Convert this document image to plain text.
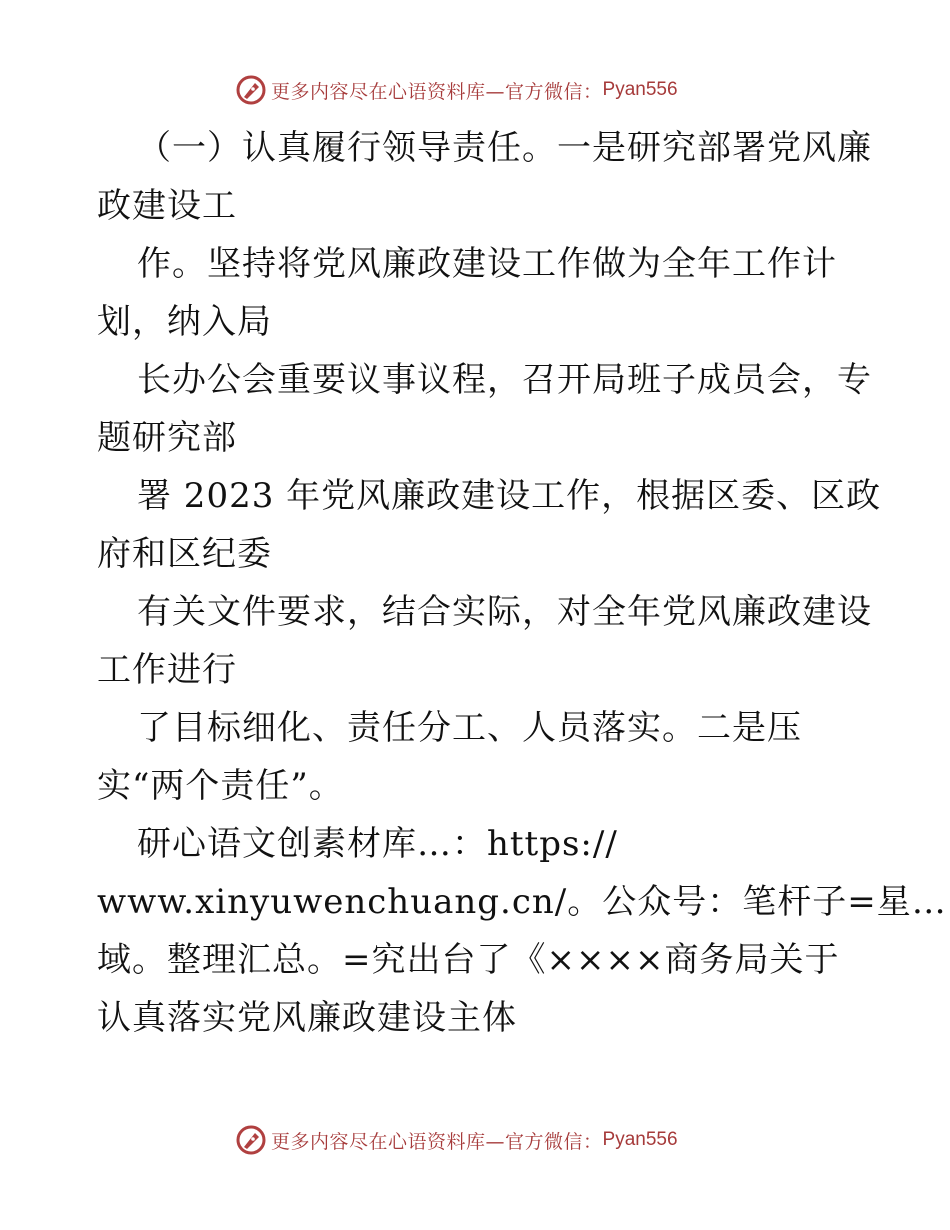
更多内容尽在心语资料库—官方微信： Pyan556
（一）认真履行领导责任。一是研究部署党风廉
政建设工
作。坚持将党风廉政建设工作做为全年工作计
划，纳入局
长办公会重要议事议程，召开局班子成员会，专
题研究部
署 2023 年党风廉政建设工作，根据区委、区政
府和区纪委
有关文件要求，结合实际，对全年党风廉政建设
工作进行
了目标细化、责任分工、人员落实。二是压
实“两个责任”。
研心语文创素材库…：https://
www.xinyuwenchuang.cn/。公众号：笔杆子=星…
域。整理汇总。=究出台了《××××商务局关于
认真落实党风廉政建设主体
更多内容尽在心语资料库—官方微信： Pyan556
